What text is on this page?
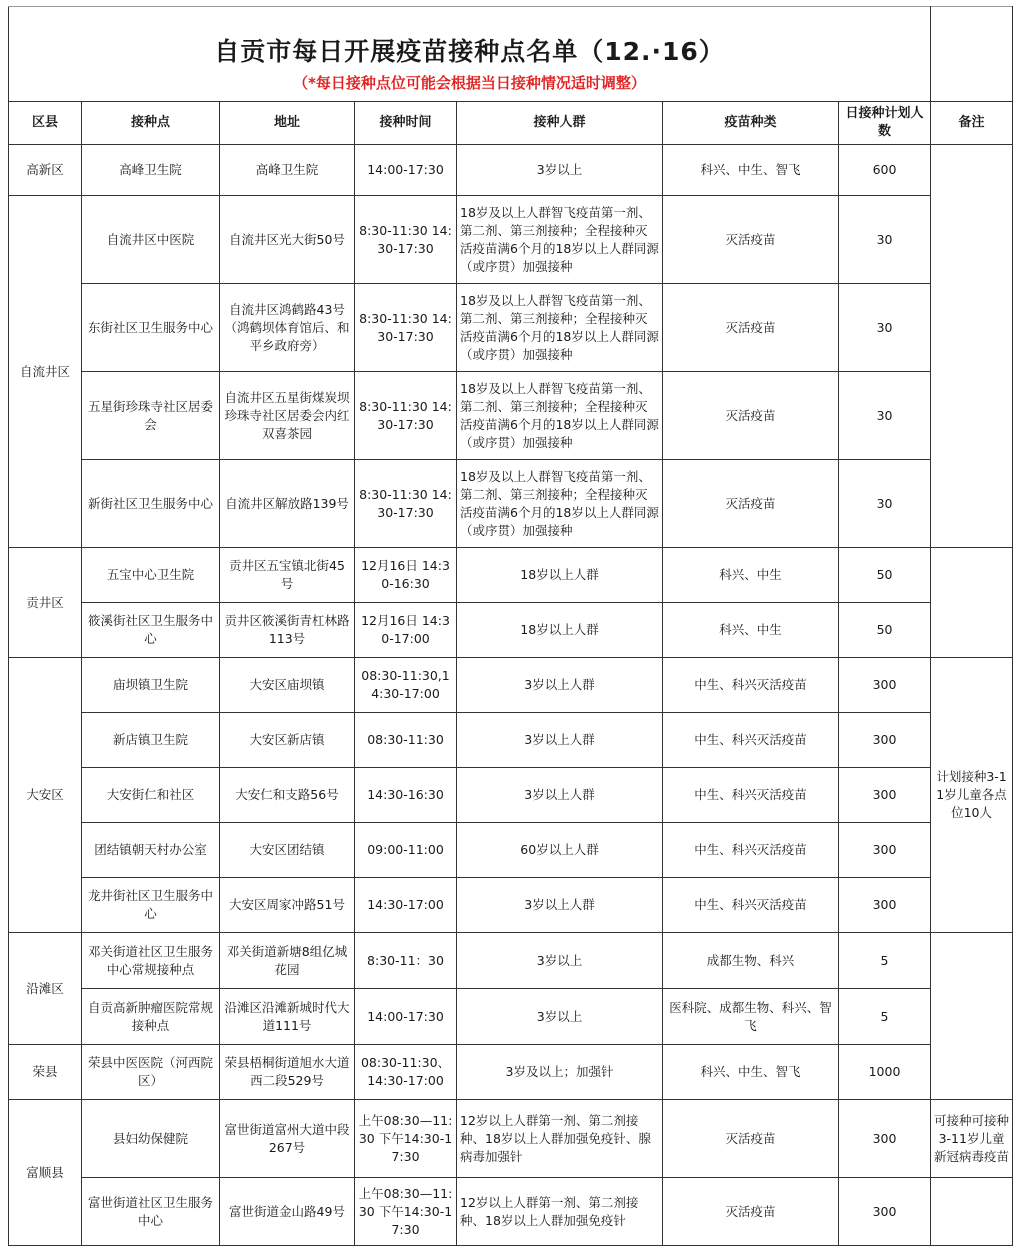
自贡市每日开展疫苗接种点名单（12.·16）
（*每日接种点位可能会根据当日接种情况适时调整）							

区县	接种点	地址	接种时间	接种人群	疫苗种类	日接种计划人数	备注
高新区	高峰卫生院	高峰卫生院	14:00-17:30	3岁以上	科兴、中生、智飞	600	
自流井区	自流井区中医院	自流井区光大街50号	8:30-11:30 14:30-17:30	18岁及以上人群智飞疫苗第一剂、第二剂、第三剂接种；全程接种灭活疫苗满6个月的18岁以上人群同源（或序贯）加强接种	灭活疫苗	30	
	东街社区卫生服务中心	自流井区鸿鹤路43号（鸿鹤坝体育馆后、和平乡政府旁）	8:30-11:30 14:30-17:30	18岁及以上人群智飞疫苗第一剂、第二剂、第三剂接种；全程接种灭活疫苗满6个月的18岁以上人群同源（或序贯）加强接种	灭活疫苗	30	
	五星街珍珠寺社区居委会	自流井区五星街煤炭坝珍珠寺社区居委会内红双喜茶园	8:30-11:30 14:30-17:30	18岁及以上人群智飞疫苗第一剂、第二剂、第三剂接种；全程接种灭活疫苗满6个月的18岁以上人群同源（或序贯）加强接种	灭活疫苗	30	
	新街社区卫生服务中心	自流井区解放路139号	8:30-11:30 14:30-17:30	18岁及以上人群智飞疫苗第一剂、第二剂、第三剂接种；全程接种灭活疫苗满6个月的18岁以上人群同源（或序贯）加强接种	灭活疫苗	30	
贡井区	五宝中心卫生院	贡井区五宝镇北街45号	12月16日 14:30-16:30	18岁以上人群	科兴、中生	50	
	筱溪街社区卫生服务中心	贡井区筱溪街青杠林路113号	12月16日 14:30-17:00	18岁以上人群	科兴、中生	50	
大安区	庙坝镇卫生院	大安区庙坝镇	08:30-11:30,14:30-17:00	3岁以上人群	中生、科兴灭活疫苗	300	计划接种3-11岁儿童各点位10人
	新店镇卫生院	大安区新店镇	08:30-11:30	3岁以上人群	中生、科兴灭活疫苗	300	
	大安街仁和社区	大安仁和支路56号	14:30-16:30	3岁以上人群	中生、科兴灭活疫苗	300	
	团结镇朝天村办公室	大安区团结镇	09:00-11:00	60岁以上人群	中生、科兴灭活疫苗	300	
	龙井街社区卫生服务中心	大安区周家冲路51号	14:30-17:00	3岁以上人群	中生、科兴灭活疫苗	300	
沿滩区	邓关街道社区卫生服务中心常规接种点	邓关街道新塘8组亿城花园	8:30-11：30	3岁以上	成都生物、科兴	5	
	自贡高新肿瘤医院常规接种点	沿滩区沿滩新城时代大道111号	14:00-17:30	3岁以上	医科院、成都生物、科兴、智飞	5	
荣县	荣县中医医院（河西院区）	荣县梧桐街道旭水大道西二段529号	08:30-11:30、14:30-17:00	3岁及以上；加强针	科兴、中生、智飞	1000	
富顺县	县妇幼保健院	富世街道富州大道中段267号	上午08:30—11:30 下午14:30-17:30	12岁以上人群第一剂、第二剂接种、18岁以上人群加强免疫针、腺病毒加强针	灭活疫苗	300	可接种可接种3-11岁儿童新冠病毒疫苗
	富世街道社区卫生服务中心	富世街道金山路49号	上午08:30—11:30 下午14:30-17:30	12岁以上人群第一剂、第二剂接种、18岁以上人群加强免疫针	灭活疫苗	300	
